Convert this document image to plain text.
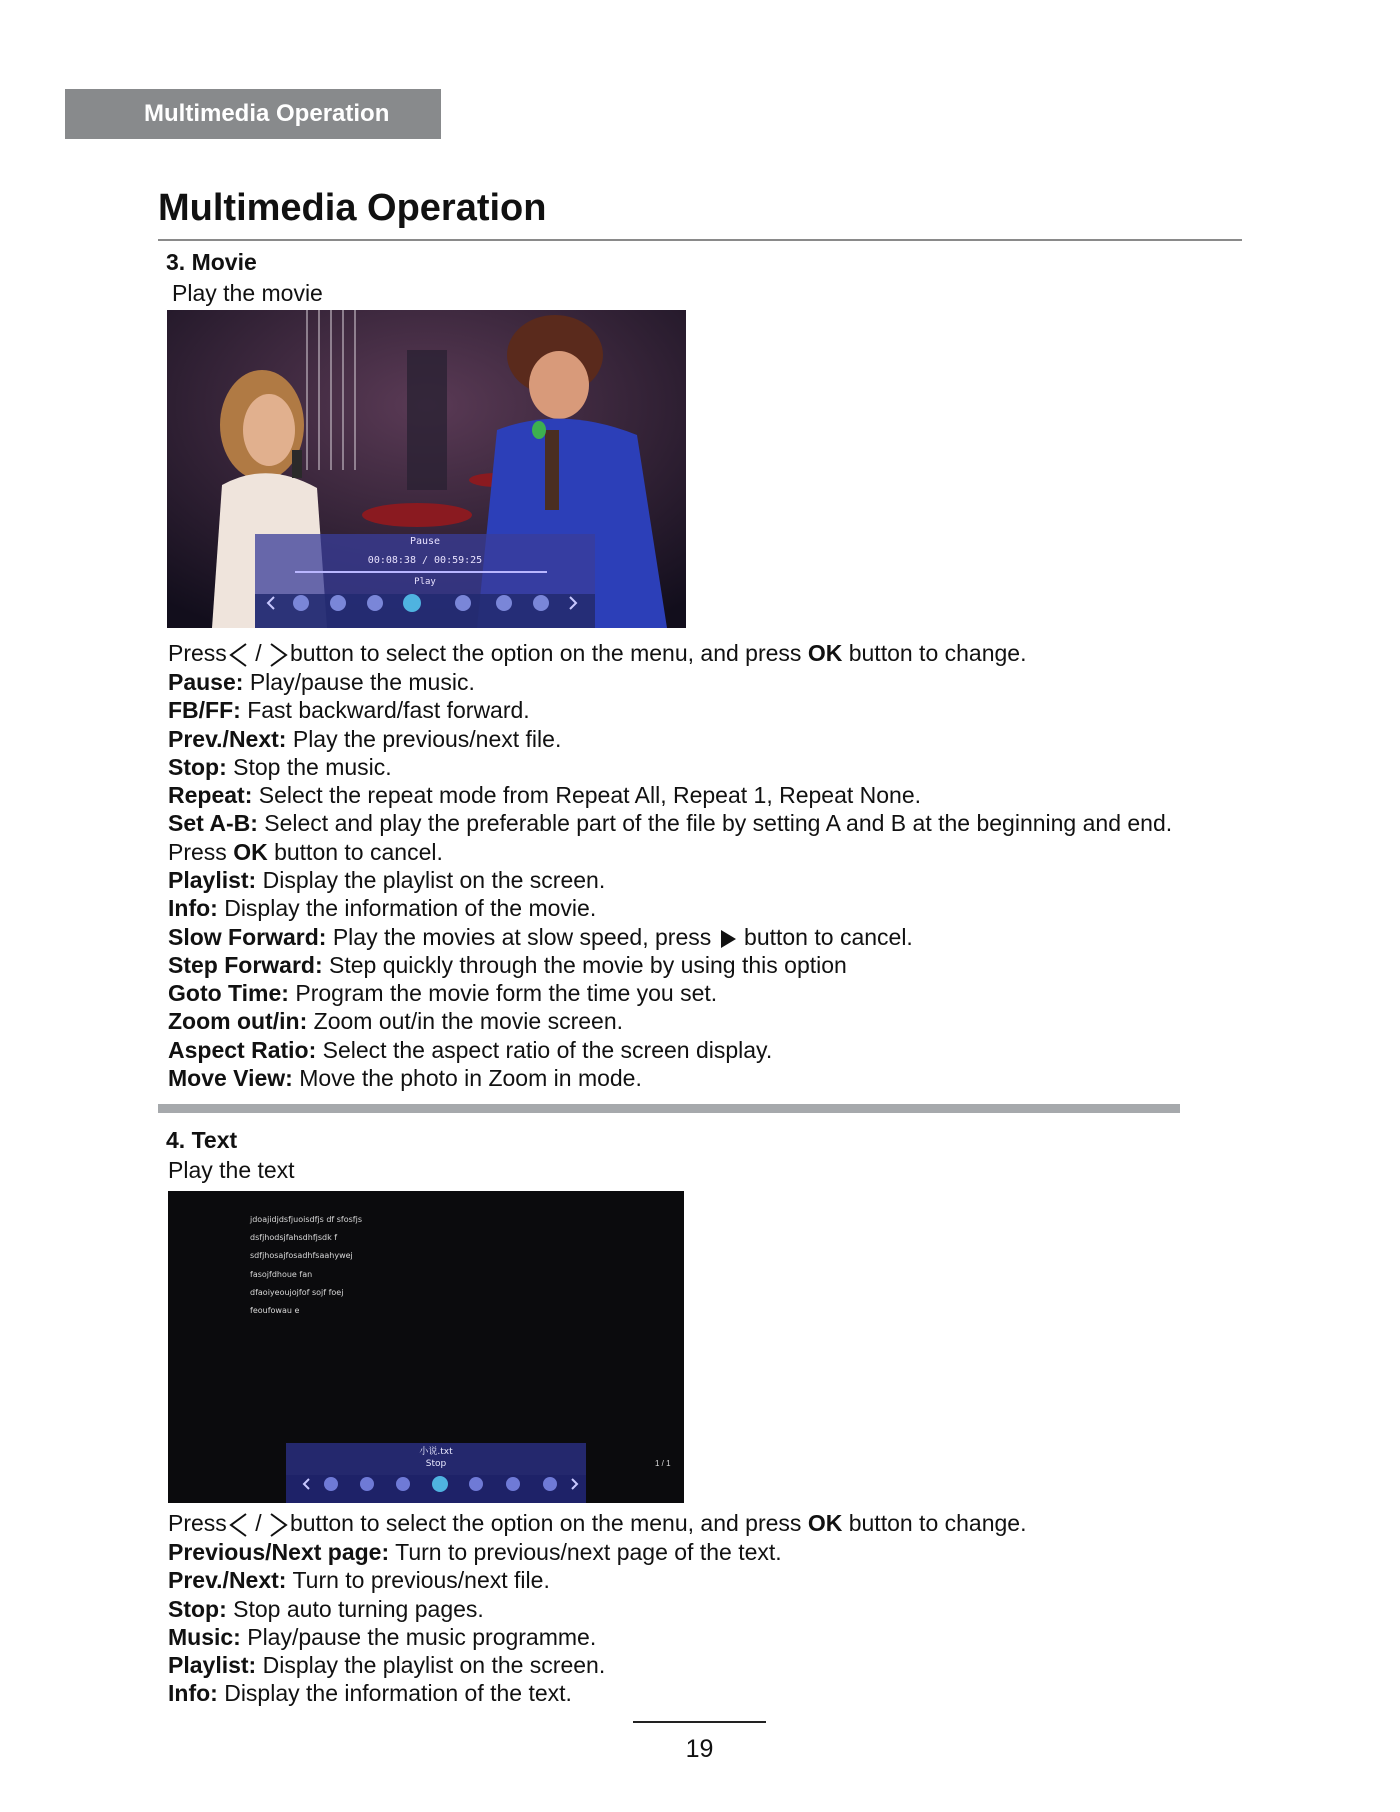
Multimedia Operation
Multimedia Operation
3. Movie

Play the movie

Pause
00:08:38 / 00:59:25
Play
Press / button to select the option on the menu, and press OK button to change.
Pause: Play/pause the music.
FB/FF: Fast backward/fast forward.
Prev./Next: Play the previous/next file.
Stop: Stop the music.
Repeat: Select the repeat mode from Repeat All, Repeat 1, Repeat None.
Set A-B: Select and play the preferable part of the file by setting A and B at the beginning and end.
Press OK button to cancel.
Playlist: Display the playlist on the screen.
Info: Display the information of the movie.
Slow Forward: Play the movies at slow speed, press button to cancel.
Step Forward: Step quickly through the movie by using this option
Goto Time: Program the movie form the time you set.
Zoom out/in: Zoom out/in the movie screen.
Aspect Ratio: Select the aspect ratio of the screen display.
Move View: Move the photo in Zoom in mode.
4. Text

Play the text

jdoajidjdsfjuoisdfjs df sfosfjs
dsfjhodsjfahsdhfjsdk f
sdfjhosajfosadhfsaahywej
fasojfdhoue fan
dfaoiyeoujojfof sojf foej
feoufowau e
小说.txt
Stop	1 / 1
Press / button to select the option on the menu, and press OK button to change.
Previous/Next page: Turn to previous/next page of the text.
Prev./Next: Turn to previous/next file.
Stop: Stop auto turning pages.
Music: Play/pause the music programme.
Playlist: Display the playlist on the screen.
Info: Display the information of the text.
19
